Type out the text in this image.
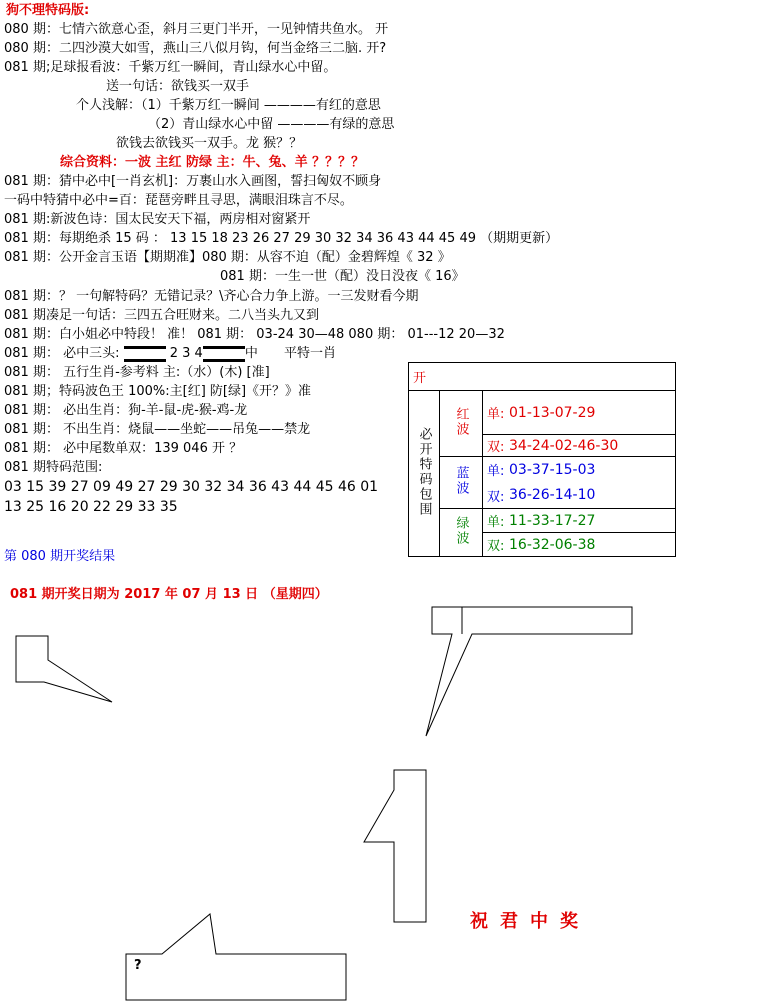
狗不理特码版:
080 期：七情六欲意心歪，斜月三更门半开，一见钟情共鱼水。 开
080 期：二四沙漠大如雪，燕山三八似月钩，何当金络三二脑. 开?
081 期;足球报看波：千紫万红一瞬间，青山绿水心中留。
送一句话：欲钱买一双手
个人浅解：（1）千紫万红一瞬间 ————有红的意思
（2）青山绿水心中留 ————有绿的意思
欲钱去欲钱买一双手。龙 猴？？
综合资料：一波 主红 防绿 主：牛、兔、羊 ？？？？
081 期：猜中必中[一肖玄机]：万裹山水入画图，誓扫匈奴不顾身
一码中特猜中必中=百：琵琶旁畔且寻思，满眼泪珠言不尽。
081 期:新波色诗：国太民安天下福，两房相对窗紧开
081 期：每期绝杀 15 码 ： 13 15 18 23 26 27 29 30 32 34 36 43 44 45 49 （期期更新）
081 期：公开金言玉语【期期准】080 期：从容不迫（配）金碧辉煌《 32 》
081 期：一生一世（配）没日没夜《 16》
081 期：？ 一句解特码？无错记录？\齐心合力争上游。一三发财看今期
081 期凑足一句话：三四五合旺财来。二八当头九又到
081 期：白小姐必中特段！ 准！ 081 期： 03-24 30—48 080 期： 01---12 20—32
081 期： 必中三头:	2 3 4	中 平特一肖
081 期： 五行生肖-参考料 主:（水）(木) [准]
081 期；特码波色王 100%:主[红] 防[绿]《开？》准
081 期： 必出生肖：狗-羊-鼠-虎-猴-鸡-龙
081 期： 不出生肖：烧鼠——坐蛇——吊兔——禁龙
081 期： 必中尾数单双：139 046 开 ？
081 期特码范围:
03 15 39 27 09 49 27 29 30 32 34 36 43 44 45 46 01
13 25 16 20 22 29 33 35
开			
必开特码包围	红波	单:	01-13-07-29
		双:	34-24-02-46-30
	蓝波	单:	03-37-15-03
		双:	36-26-14-10
	绿波	单:	11-33-17-27
		双:	16-32-06-38
第 080 期开奖结果
081 期开奖日期为 2017 年 07 月 13 日 （星期四）
?
祝君中奖
